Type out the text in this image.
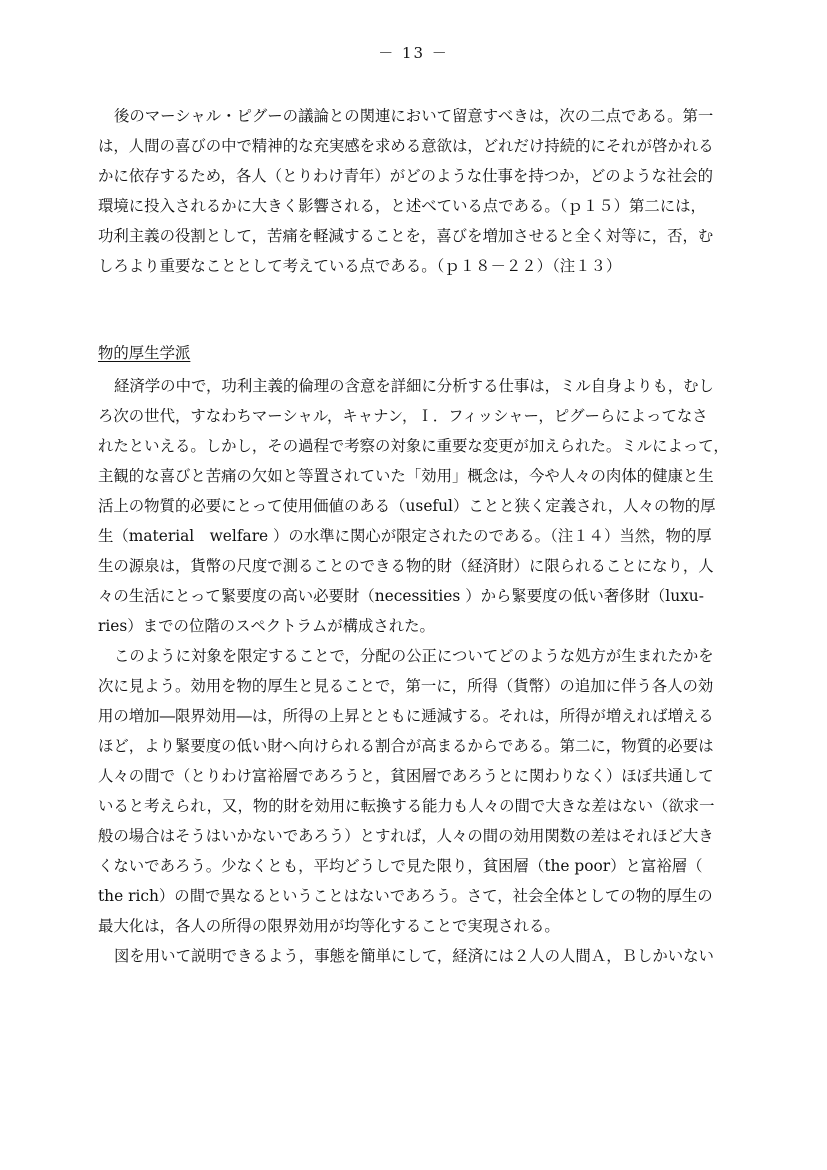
－ 13 －
後のマーシャル・ピグーの議論との関連において留意すべきは，次の二点である。第一
は，人間の喜びの中で精神的な充実感を求める意欲は，どれだけ持続的にそれが啓かれる
かに依存するため，各人（とりわけ青年）がどのような仕事を持つか，どのような社会的
環境に投入されるかに大きく影響される，と述べている点である。（ｐ１５）第二には，
功利主義の役割として，苦痛を軽減することを，喜びを増加させると全く対等に，否，む
しろより重要なこととして考えている点である。（ｐ１８－２２）（注１３）
物的厚生学派
経済学の中で，功利主義的倫理の含意を詳細に分析する仕事は，ミル自身よりも，むし
ろ次の世代，すなわちマーシャル，キャナン，Ｉ．フィッシャー，ピグーらによってなさ
れたといえる。しかし，その過程で考察の対象に重要な変更が加えられた。ミルによって，
主観的な喜びと苦痛の欠如と等置されていた「効用」概念は，今や人々の肉体的健康と生
活上の物質的必要にとって使用価値のある（useful）ことと狭く定義され，人々の物的厚
生（material　welfare ）の水準に関心が限定されたのである。（注１４）当然，物的厚
生の源泉は，貨幣の尺度で測ることのできる物的財（経済財）に限られることになり，人
々の生活にとって緊要度の高い必要財（necessities ）から緊要度の低い奢侈財（luxu-
ries）までの位階のスペクトラムが構成された。
このように対象を限定することで，分配の公正についてどのような処方が生まれたかを
次に見よう。効用を物的厚生と見ることで，第一に，所得（貨幣）の追加に伴う各人の効
用の増加―限界効用―は，所得の上昇とともに逓減する。それは，所得が増えれば増える
ほど，より緊要度の低い財へ向けられる割合が高まるからである。第二に，物質的必要は
人々の間で（とりわけ富裕層であろうと，貧困層であろうとに関わりなく）ほぼ共通して
いると考えられ，又，物的財を効用に転換する能力も人々の間で大きな差はない（欲求一
般の場合はそうはいかないであろう）とすれば，人々の間の効用関数の差はそれほど大き
くないであろう。少なくとも，平均どうしで見た限り，貧困層（the poor）と富裕層（
the rich）の間で異なるということはないであろう。さて，社会全体としての物的厚生の
最大化は，各人の所得の限界効用が均等化することで実現される。
図を用いて説明できるよう，事態を簡単にして，経済には２人の人間Ａ，Ｂしかいない
